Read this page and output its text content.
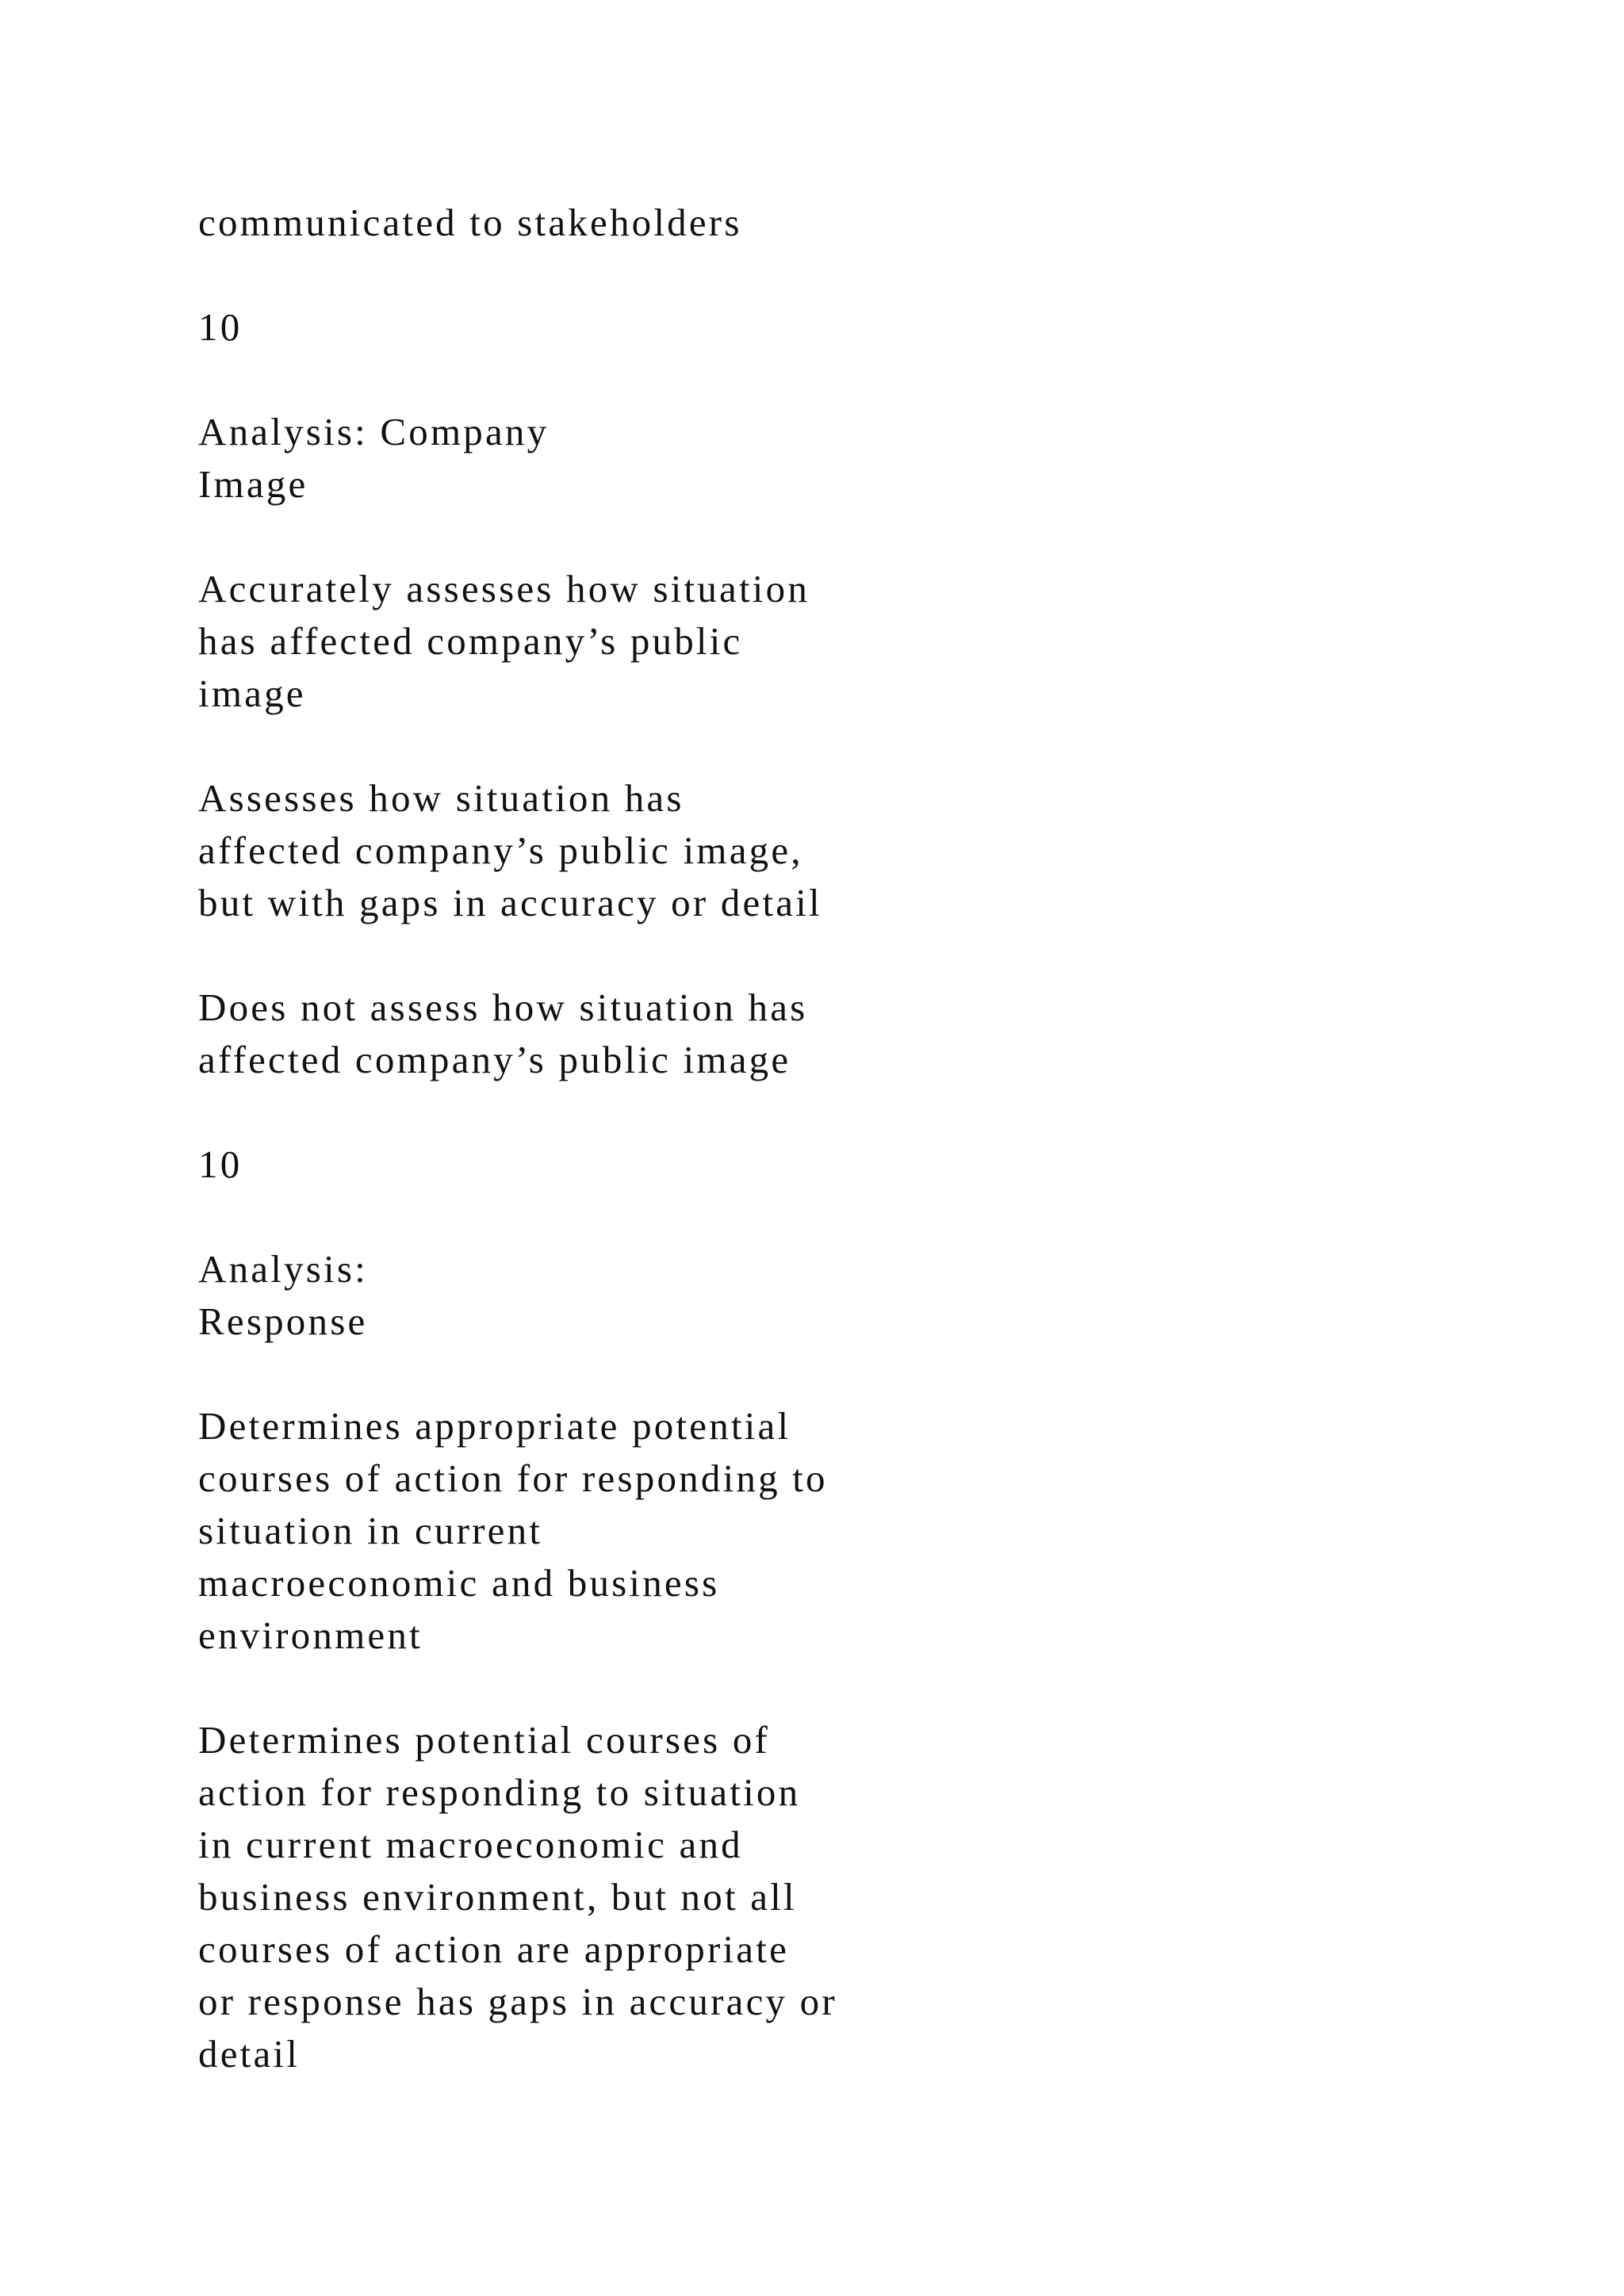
communicated to stakeholders

10

Analysis: Company
Image

Accurately assesses how situation
has affected company’s public
image

Assesses how situation has
affected company’s public image,
but with gaps in accuracy or detail

Does not assess how situation has
affected company’s public image

10

Analysis:
Response

Determines appropriate potential
courses of action for responding to
situation in current
macroeconomic and business
environment

Determines potential courses of
action for responding to situation
in current macroeconomic and
business environment, but not all
courses of action are appropriate
or response has gaps in accuracy or
detail
